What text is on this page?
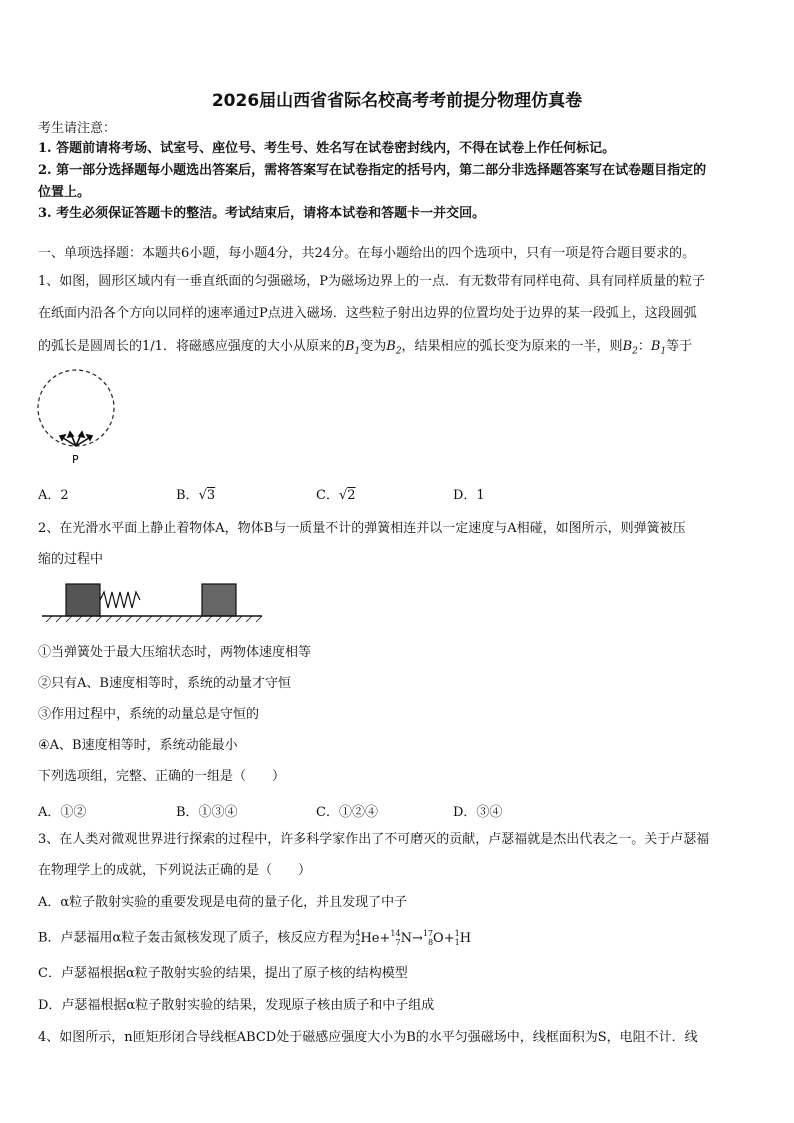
2026届山西省省际名校高考考前提分物理仿真卷
考生请注意：
1. 答题前请将考场、试室号、座位号、考生号、姓名写在试卷密封线内，不得在试卷上作任何标记。
2. 第一部分选择题每小题选出答案后，需将答案写在试卷指定的括号内，第二部分非选择题答案写在试卷题目指定的
位置上。
3. 考生必须保证答题卡的整洁。考试结束后，请将本试卷和答题卡一并交回。
一、单项选择题：本题共6小题，每小题4分，共24分。在每小题给出的四个选项中，只有一项是符合题目要求的。
1、如图，圆形区域内有一垂直纸面的匀强磁场，P为磁场边界上的一点．有无数带有同样电荷、具有同样质量的粒子
在纸面内沿各个方向以同样的速率通过P点进入磁场．这些粒子射出边界的位置均处于边界的某一段弧上，这段圆弧
的弧长是圆周长的1/1．将磁感应强度的大小从原来的$B_1$变为$B_2$，结果相应的弧长变为原来的一半，则$B_2$：$B_1$等于
P
A．2	B．√3	C．√2	D．1
2、在光滑水平面上静止着物体A，物体B与一质量不计的弹簧相连并以一定速度与A相碰，如图所示，则弹簧被压
缩的过程中
①当弹簧处于最大压缩状态时，两物体速度相等
②只有A、B速度相等时，系统的动量才守恒
③作用过程中，系统的动量总是守恒的
④A、B速度相等时，系统动能最小
下列选项组，完整、正确的一组是（　　）
A．①②	B．①③④	C．①②④	D．③④
3、在人类对微观世界进行探索的过程中，许多科学家作出了不可磨灭的贡献，卢瑟福就是杰出代表之一。关于卢瑟福
在物理学上的成就，下列说法正确的是（　　）
A．α粒子散射实验的重要发现是电荷的量子化，并且发现了中子
B．卢瑟福用α粒子轰击氮核发现了质子，核反应方程为4
2He+14
7N→17
8O+1
1H
C．卢瑟福根据α粒子散射实验的结果，提出了原子核的结构模型
D．卢瑟福根据α粒子散射实验的结果，发现原子核由质子和中子组成
4、如图所示，n匝矩形闭合导线框ABCD处于磁感应强度大小为B的水平匀强磁场中，线框面积为S，电阻不计．线
